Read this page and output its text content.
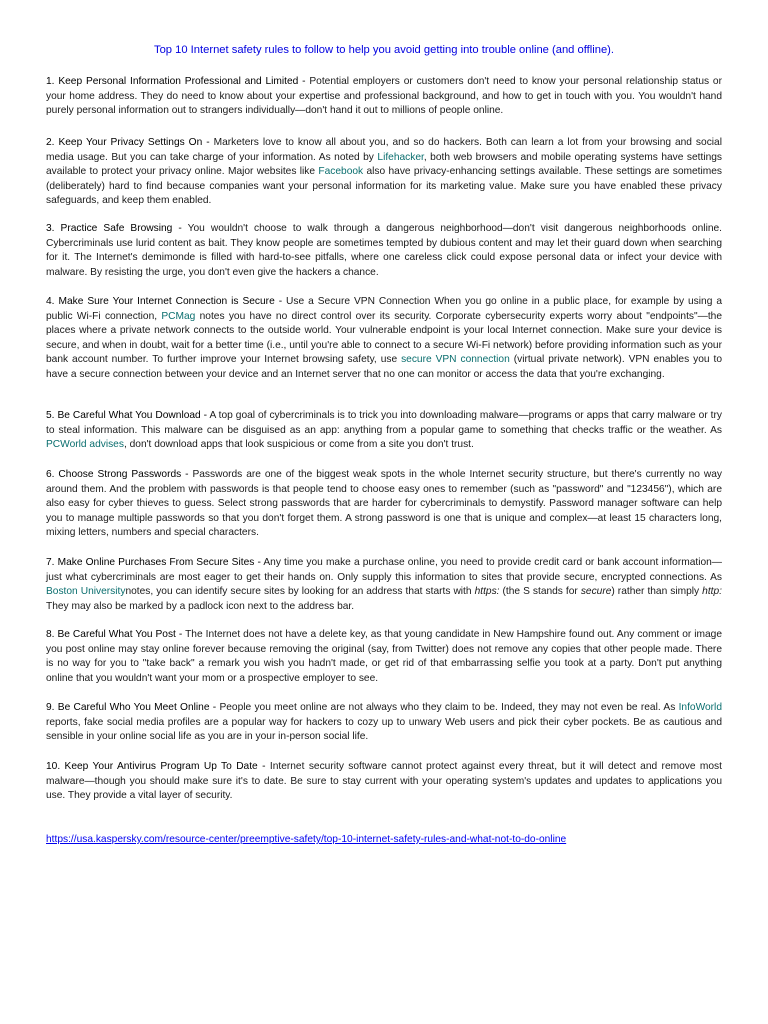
Top 10 Internet safety rules to follow to help you avoid getting into trouble online (and offline).
1. Keep Personal Information Professional and Limited - Potential employers or customers don't need to know your personal relationship status or your home address. They do need to know about your expertise and professional background, and how to get in touch with you. You wouldn't hand purely personal information out to strangers individually—don't hand it out to millions of people online.
2. Keep Your Privacy Settings On - Marketers love to know all about you, and so do hackers. Both can learn a lot from your browsing and social media usage. But you can take charge of your information. As noted by Lifehacker, both web browsers and mobile operating systems have settings available to protect your privacy online. Major websites like Facebook also have privacy-enhancing settings available. These settings are sometimes (deliberately) hard to find because companies want your personal information for its marketing value. Make sure you have enabled these privacy safeguards, and keep them enabled.
3. Practice Safe Browsing - You wouldn't choose to walk through a dangerous neighborhood—don't visit dangerous neighborhoods online. Cybercriminals use lurid content as bait. They know people are sometimes tempted by dubious content and may let their guard down when searching for it. The Internet's demimonde is filled with hard-to-see pitfalls, where one careless click could expose personal data or infect your device with malware. By resisting the urge, you don't even give the hackers a chance.
4. Make Sure Your Internet Connection is Secure - Use a Secure VPN Connection When you go online in a public place, for example by using a public Wi-Fi connection, PCMag notes you have no direct control over its security. Corporate cybersecurity experts worry about "endpoints"—the places where a private network connects to the outside world. Your vulnerable endpoint is your local Internet connection. Make sure your device is secure, and when in doubt, wait for a better time (i.e., until you're able to connect to a secure Wi-Fi network) before providing information such as your bank account number. To further improve your Internet browsing safety, use secure VPN connection (virtual private network). VPN enables you to have a secure connection between your device and an Internet server that no one can monitor or access the data that you're exchanging.
5. Be Careful What You Download - A top goal of cybercriminals is to trick you into downloading malware—programs or apps that carry malware or try to steal information. This malware can be disguised as an app: anything from a popular game to something that checks traffic or the weather. As PCWorld advises, don't download apps that look suspicious or come from a site you don't trust.
6. Choose Strong Passwords - Passwords are one of the biggest weak spots in the whole Internet security structure, but there's currently no way around them. And the problem with passwords is that people tend to choose easy ones to remember (such as "password" and "123456"), which are also easy for cyber thieves to guess. Select strong passwords that are harder for cybercriminals to demystify. Password manager software can help you to manage multiple passwords so that you don't forget them. A strong password is one that is unique and complex—at least 15 characters long, mixing letters, numbers and special characters.
7. Make Online Purchases From Secure Sites - Any time you make a purchase online, you need to provide credit card or bank account information—just what cybercriminals are most eager to get their hands on. Only supply this information to sites that provide secure, encrypted connections. As Boston Universitynotes, you can identify secure sites by looking for an address that starts with https: (the S stands for secure) rather than simply http: They may also be marked by a padlock icon next to the address bar.
8. Be Careful What You Post - The Internet does not have a delete key, as that young candidate in New Hampshire found out. Any comment or image you post online may stay online forever because removing the original (say, from Twitter) does not remove any copies that other people made. There is no way for you to "take back" a remark you wish you hadn't made, or get rid of that embarrassing selfie you took at a party. Don't put anything online that you wouldn't want your mom or a prospective employer to see.
9. Be Careful Who You Meet Online - People you meet online are not always who they claim to be. Indeed, they may not even be real. As InfoWorld reports, fake social media profiles are a popular way for hackers to cozy up to unwary Web users and pick their cyber pockets. Be as cautious and sensible in your online social life as you are in your in-person social life.
10. Keep Your Antivirus Program Up To Date - Internet security software cannot protect against every threat, but it will detect and remove most malware—though you should make sure it's to date. Be sure to stay current with your operating system's updates and updates to applications you use. They provide a vital layer of security.
https://usa.kaspersky.com/resource-center/preemptive-safety/top-10-internet-safety-rules-and-what-not-to-do-online
